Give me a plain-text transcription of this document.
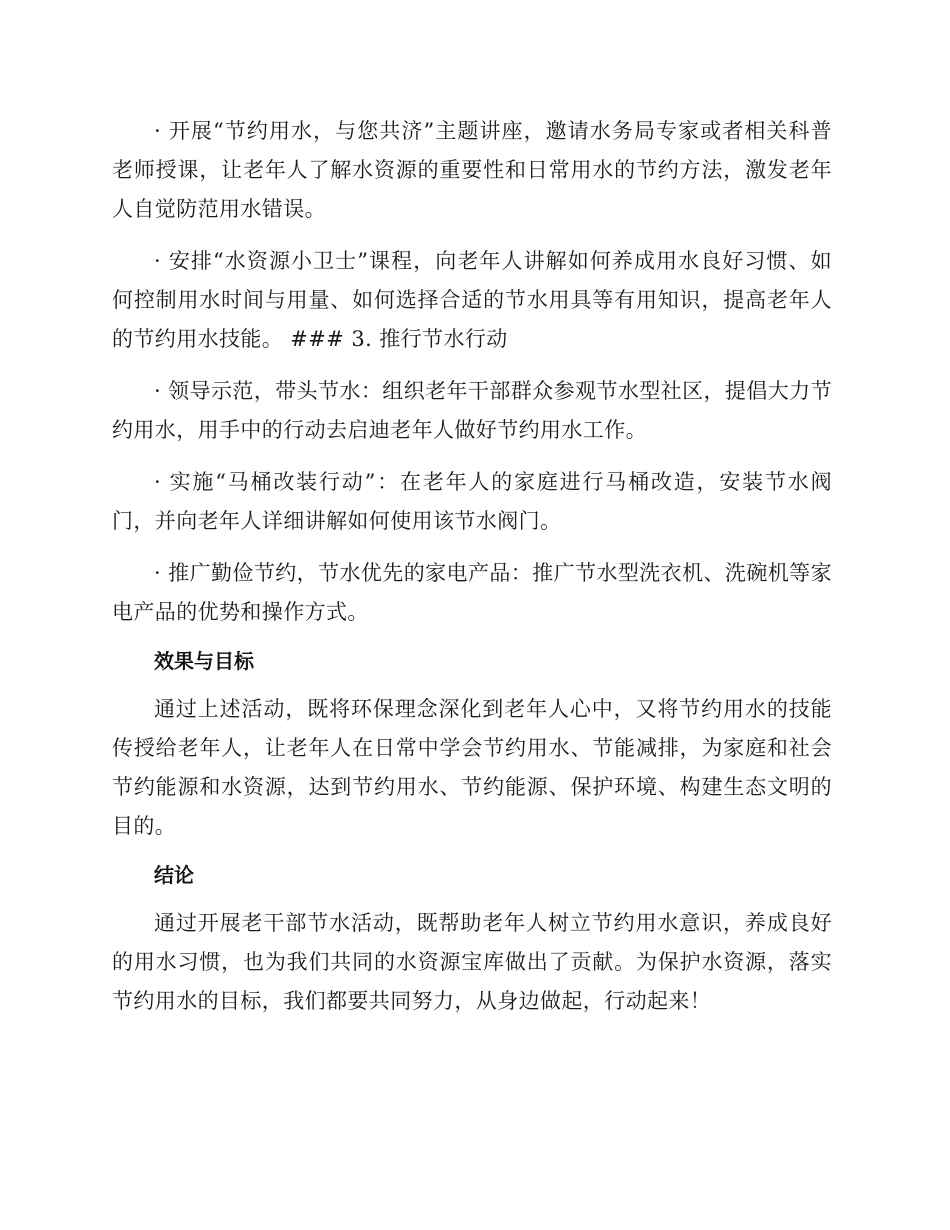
· 开展“节约用水，与您共济”主题讲座，邀请水务局专家或者相关科普老师授课，让老年人了解水资源的重要性和日常用水的节约方法，激发老年人自觉防范用水错误。

· 安排“水资源小卫士”课程，向老年人讲解如何养成用水良好习惯、如何控制用水时间与用量、如何选择合适的节水用具等有用知识，提高老年人的节约用水技能。 ### 3. 推行节水行动

· 领导示范，带头节水：组织老年干部群众参观节水型社区，提倡大力节约用水，用手中的行动去启迪老年人做好节约用水工作。

· 实施“马桶改装行动”：在老年人的家庭进行马桶改造，安装节水阀门，并向老年人详细讲解如何使用该节水阀门。

· 推广勤俭节约，节水优先的家电产品：推广节水型洗衣机、洗碗机等家电产品的优势和操作方式。

效果与目标

通过上述活动，既将环保理念深化到老年人心中，又将节约用水的技能传授给老年人，让老年人在日常中学会节约用水、节能减排，为家庭和社会节约能源和水资源，达到节约用水、节约能源、保护环境、构建生态文明的目的。

结论

通过开展老干部节水活动，既帮助老年人树立节约用水意识，养成良好的用水习惯，也为我们共同的水资源宝库做出了贡献。为保护水资源，落实节约用水的目标，我们都要共同努力，从身边做起，行动起来！
